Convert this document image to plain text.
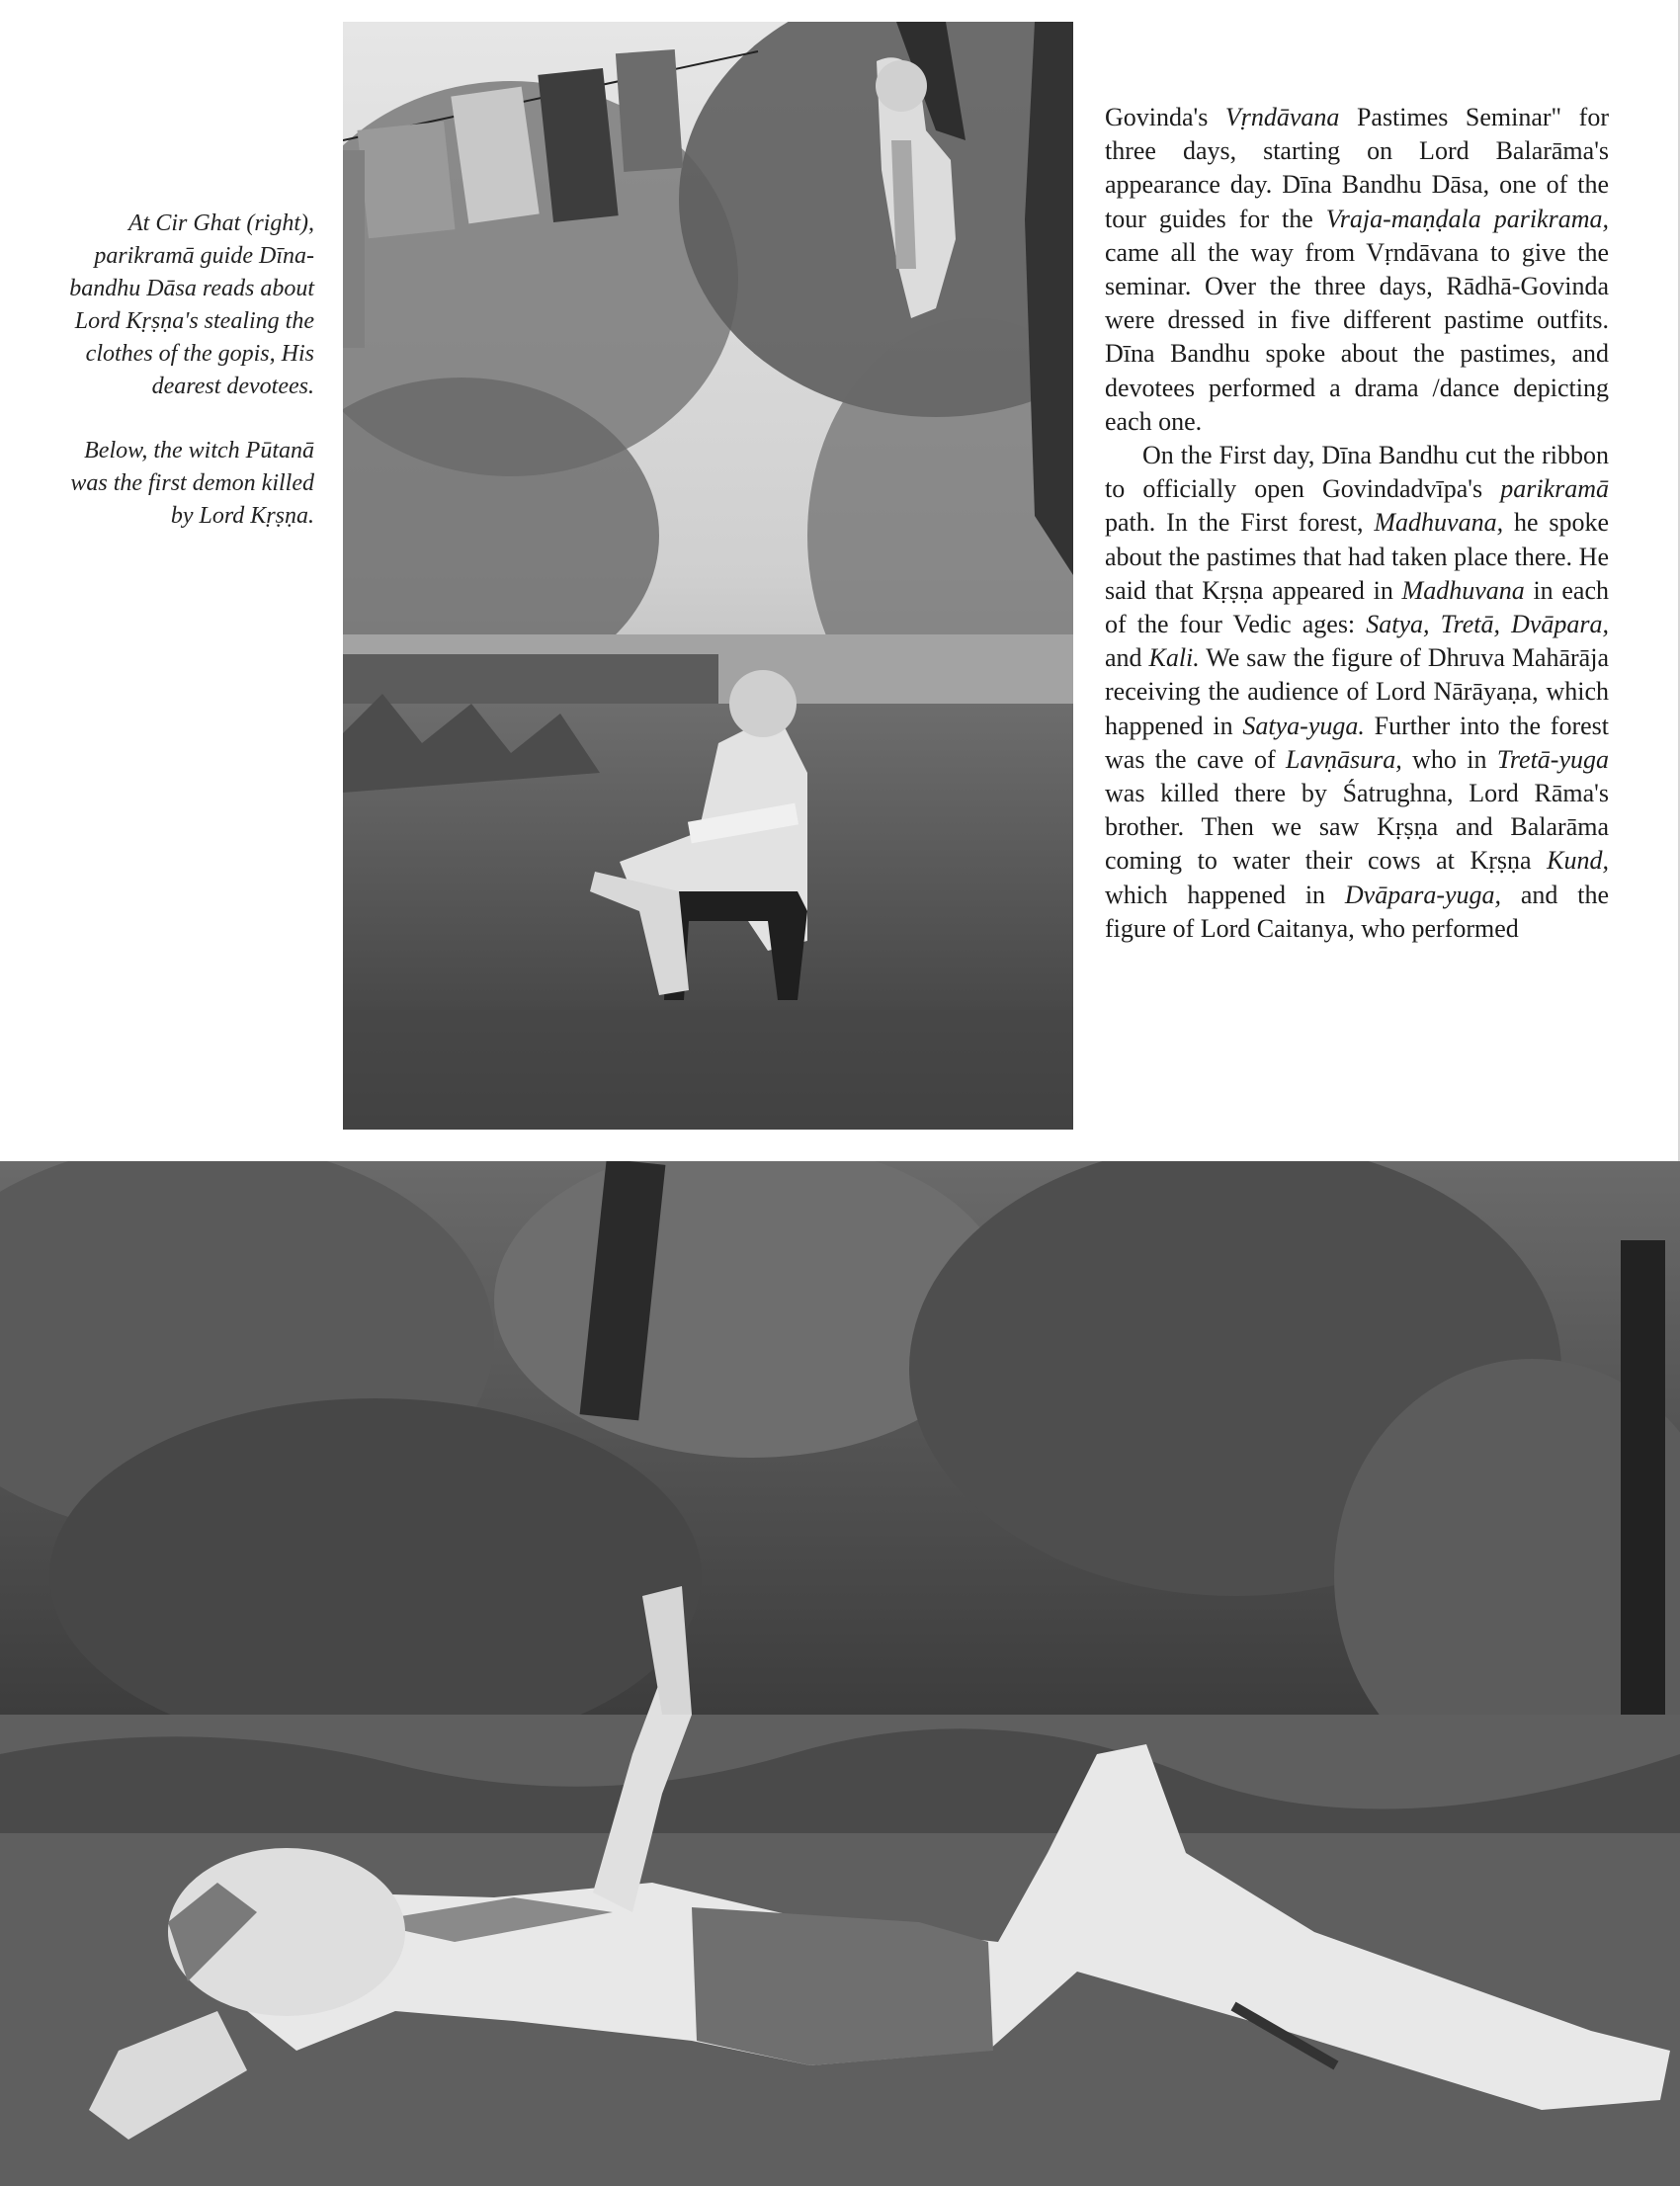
At Cir Ghat (right), parikramā guide Dīna-bandhu Dāsa reads about Lord Kṛṣṇa's stealing the clothes of the gopis, His dearest devotees.

Below, the witch Pūtanā was the first demon killed by Lord Kṛṣṇa.

Govinda's Vṛndāvana Pastimes Seminar" for three days, starting on Lord Balarāma's appearance day. Dīna Bandhu Dāsa, one of the tour guides for the Vraja-maṇḍala parikrama, came all the way from Vṛndāvana to give the seminar. Over the three days, Rādhā-Govinda were dressed in five different pastime outfits. Dīna Bandhu spoke about the pastimes, and devotees performed a drama /dance depicting each one.

On the First day, Dīna Bandhu cut the ribbon to officially open Govindadvīpa's parikramā path. In the First forest, Madhuvana, he spoke about the pastimes that had taken place there. He said that Kṛṣṇa appeared in Madhuvana in each of the four Vedic ages: Satya, Tretā, Dvāpara, and Kali. We saw the figure of Dhruva Mahārāja receiving the audience of Lord Nārāyaṇa, which happened in Satya-yuga. Further into the forest was the cave of Lavṇāsura, who in Tretā-yuga was killed there by Śatrughna, Lord Rāma's brother. Then we saw Kṛṣṇa and Balarāma coming to water their cows at Kṛṣṇa Kund, which happened in Dvāpara-yuga, and the figure of Lord Caitanya, who performed
